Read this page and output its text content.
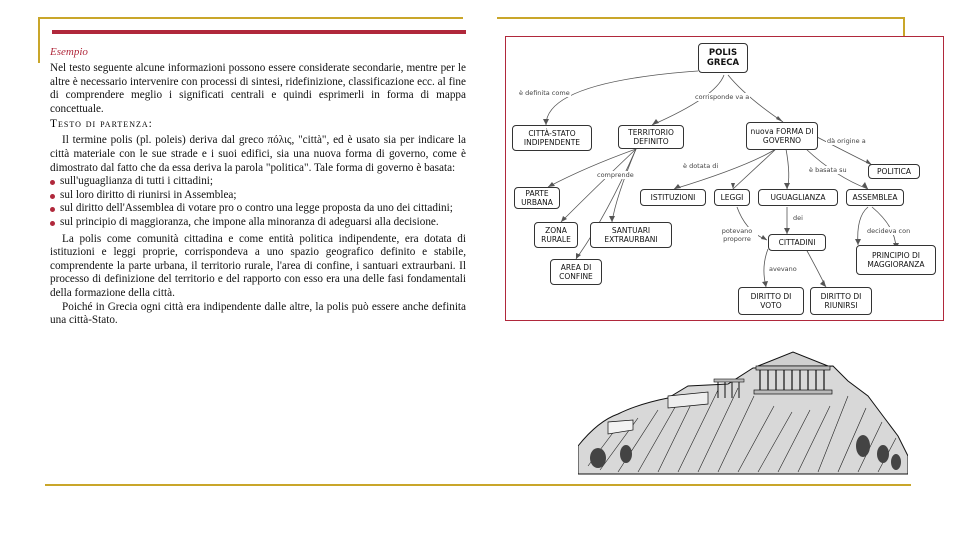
Esempio

Nel testo seguente alcune informazioni possono essere considerate secondarie, mentre per le altre è necessario intervenire con processi di sintesi, ridefinizione, classificazione ecc. al fine di comprendere meglio i significati centrali e quindi esprimerli in forma di mappa concettuale.

Testo di partenza:

Il termine polis (pl. poleis) deriva dal greco πόλις, "città", ed è usato sia per indicare la città materiale con le sue strade e i suoi edifici, sia una nuova forma di governo, come è dimostrato dal fatto che da essa deriva la parola "politica". Tale forma di governo è basata:

sull'uguaglianza di tutti i cittadini;
sul loro diritto di riunirsi in Assemblea;
sul diritto dell'Assemblea di votare pro o contro una legge proposta da uno dei cittadini;
sul principio di maggioranza, che impone alla minoranza di adeguarsi alla decisione.

La polis come comunità cittadina e come entità politica indipendente, era dotata di istituzioni e leggi proprie, corrispondeva a uno spazio geografico definito e stabile, comprendente la parte urbana, il territorio rurale, l'area di confine, i santuari extraurbani. Il processo di definizione del territorio e del rapporto con esso era una delle fasi fondamentali della formazione della città.

Poiché in Grecia ogni città era indipendente dalle altre, la polis può essere anche definita una città-Stato.

POLIS GRECA
CITTÀ-STATO INDIPENDENTE
TERRITORIO DEFINITO
nuova FORMA DI GOVERNO
POLITICA
PARTE URBANA
ISTITUZIONI	LEGGI	UGUAGLIANZA	ASSEMBLEA
ZONA RURALE
SANTUARI EXTRAURBANI	CITTADINI
PRINCIPIO DI MAGGIORANZA
AREA DI CONFINE
DIRITTO DI VOTO
DIRITTO DI RIUNIRSI
è definita come	corrisponde va a
dà origine a
è dotata di	è basata su
comprende
dei
potevano proporre
decideva con
avevano
